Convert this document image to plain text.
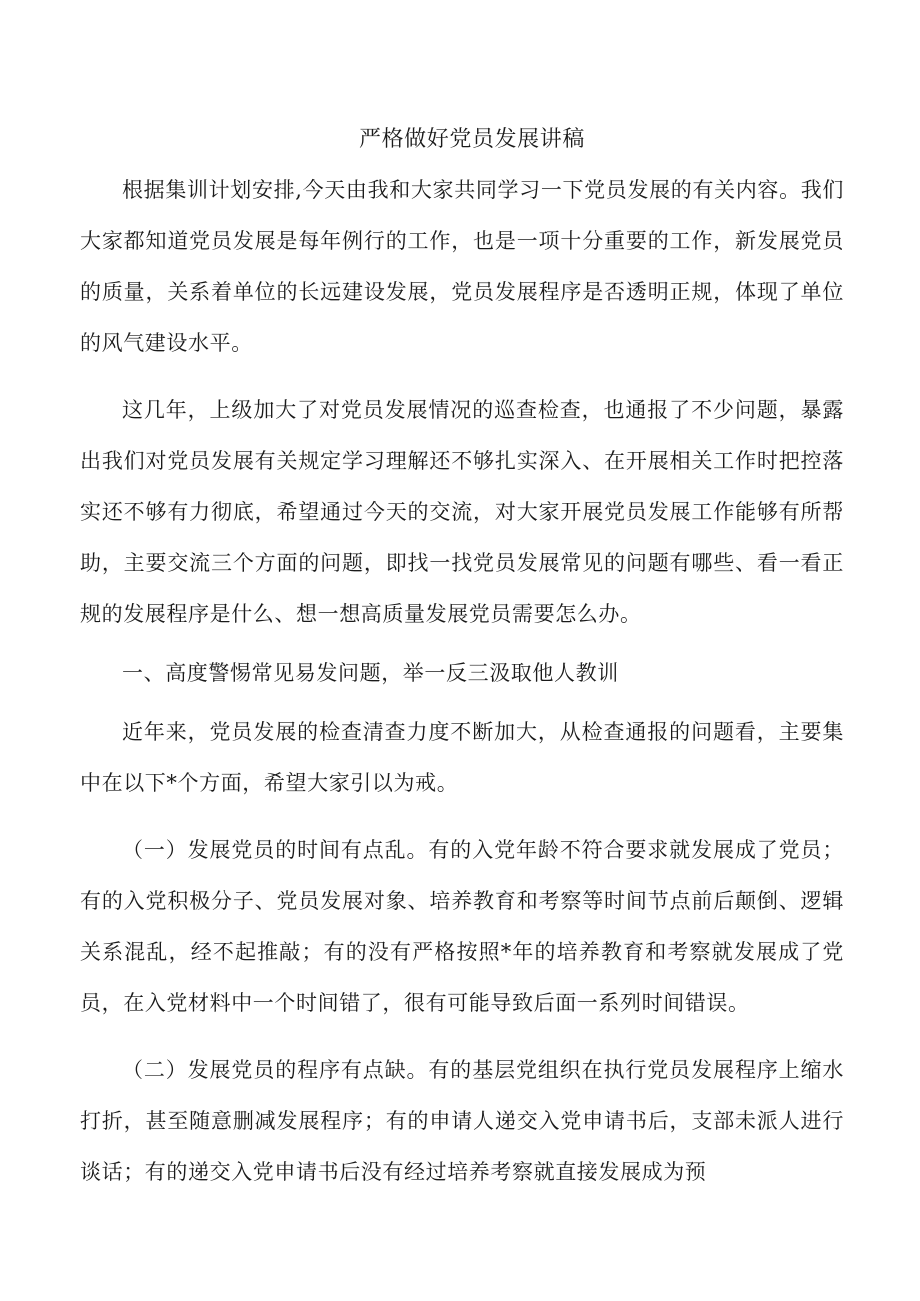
严格做好党员发展讲稿

根据集训计划安排,今天由我和大家共同学习一下党员发展的有关内容。我们大家都知道党员发展是每年例行的工作，也是一项十分重要的工作，新发展党员的质量，关系着单位的长远建设发展，党员发展程序是否透明正规，体现了单位的风气建设水平。

这几年，上级加大了对党员发展情况的巡查检查，也通报了不少问题，暴露出我们对党员发展有关规定学习理解还不够扎实深入、在开展相关工作时把控落实还不够有力彻底，希望通过今天的交流，对大家开展党员发展工作能够有所帮助，主要交流三个方面的问题，即找一找党员发展常见的问题有哪些、看一看正规的发展程序是什么、想一想高质量发展党员需要怎么办。

一、高度警惕常见易发问题，举一反三汲取他人教训

近年来，党员发展的检查清查力度不断加大，从检查通报的问题看，主要集中在以下*个方面，希望大家引以为戒。

（一）发展党员的时间有点乱。有的入党年龄不符合要求就发展成了党员；有的入党积极分子、党员发展对象、培养教育和考察等时间节点前后颠倒、逻辑关系混乱，经不起推敲；有的没有严格按照*年的培养教育和考察就发展成了党员，在入党材料中一个时间错了，很有可能导致后面一系列时间错误。

（二）发展党员的程序有点缺。有的基层党组织在执行党员发展程序上缩水打折，甚至随意删减发展程序；有的申请人递交入党申请书后，支部未派人进行谈话；有的递交入党申请书后没有经过培养考察就直接发展成为预
